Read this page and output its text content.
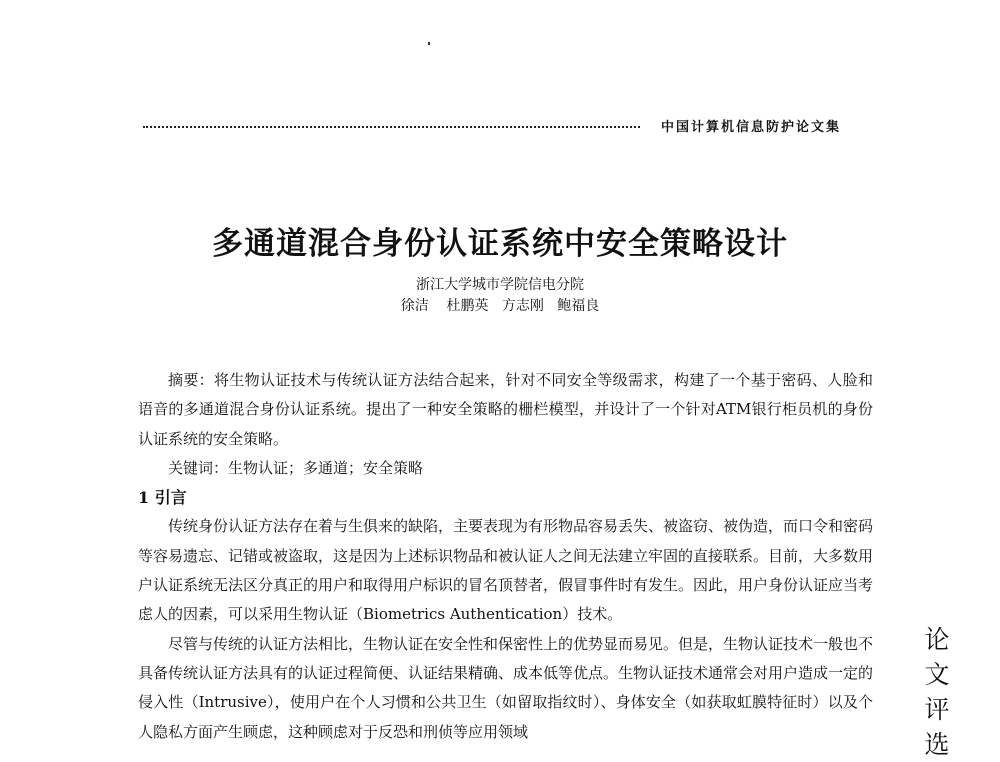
中国计算机信息防护论文集
多通道混合身份认证系统中安全策略设计
浙江大学城市学院信电分院
徐洁    杜鹏英   方志刚   鲍福良

摘要：将生物认证技术与传统认证方法结合起来，针对不同安全等级需求，构建了一个基于密码、人脸和语音的多通道混合身份认证系统。提出了一种安全策略的栅栏模型，并设计了一个针对ATM银行柜员机的身份认证系统的安全策略。

关键词：生物认证；多通道；安全策略

1 引言

传统身份认证方法存在着与生俱来的缺陷，主要表现为有形物品容易丢失、被盗窃、被伪造，而口令和密码等容易遗忘、记错或被盗取，这是因为上述标识物品和被认证人之间无法建立牢固的直接联系。目前，大多数用户认证系统无法区分真正的用户和取得用户标识的冒名顶替者，假冒事件时有发生。因此，用户身份认证应当考虑人的因素，可以采用生物认证（Biometrics Authentication）技术。

尽管与传统的认证方法相比，生物认证在安全性和保密性上的优势显而易见。但是，生物认证技术一般也不具备传统认证方法具有的认证过程简便、认证结果精确、成本低等优点。生物认证技术通常会对用户造成一定的侵入性（Intrusive），使用户在个人习惯和公共卫生（如留取指纹时）、身体安全（如获取虹膜特征时）以及个人隐私方面产生顾虑，这种顾虑对于反恐和刑侦等应用领域

论
文
评
选
